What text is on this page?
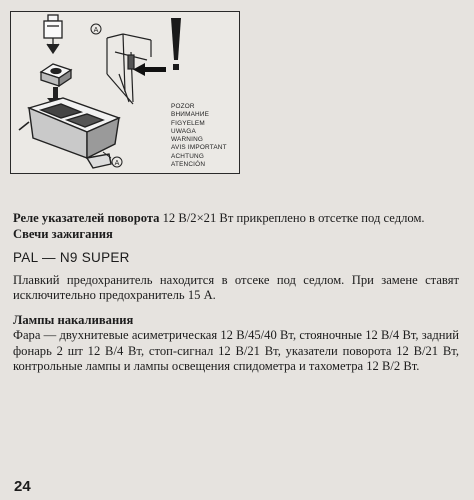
A
A
POZOR
ВНИМАНИЕ
FIGYELEM
UWAGA
WARNING
AVIS IMPORTANT
ACHTUNG
ATENCIÓN

Реле указателей поворота 12 В/2×21 Вт прикреплено в отсетке под седлом.

Свечи зажигания
PAL — N9 SUPER

Плавкий предохранитель находится в отсеке под седлом. При замене ставят исключительно предохранитель 15 А.

Лампы накаливания

Фара — двухнитевые асиметрическая 12 В/45/40 Вт, стояночные 12 В/4 Вт, задний фонарь 2 шт 12 В/4 Вт, стоп-сигнал 12 В/21 Вт, указатели поворота 12 В/21 Вт, контрольные лампы и лампы освещения спидометра и тахометра 12 В/2 Вт.

24
